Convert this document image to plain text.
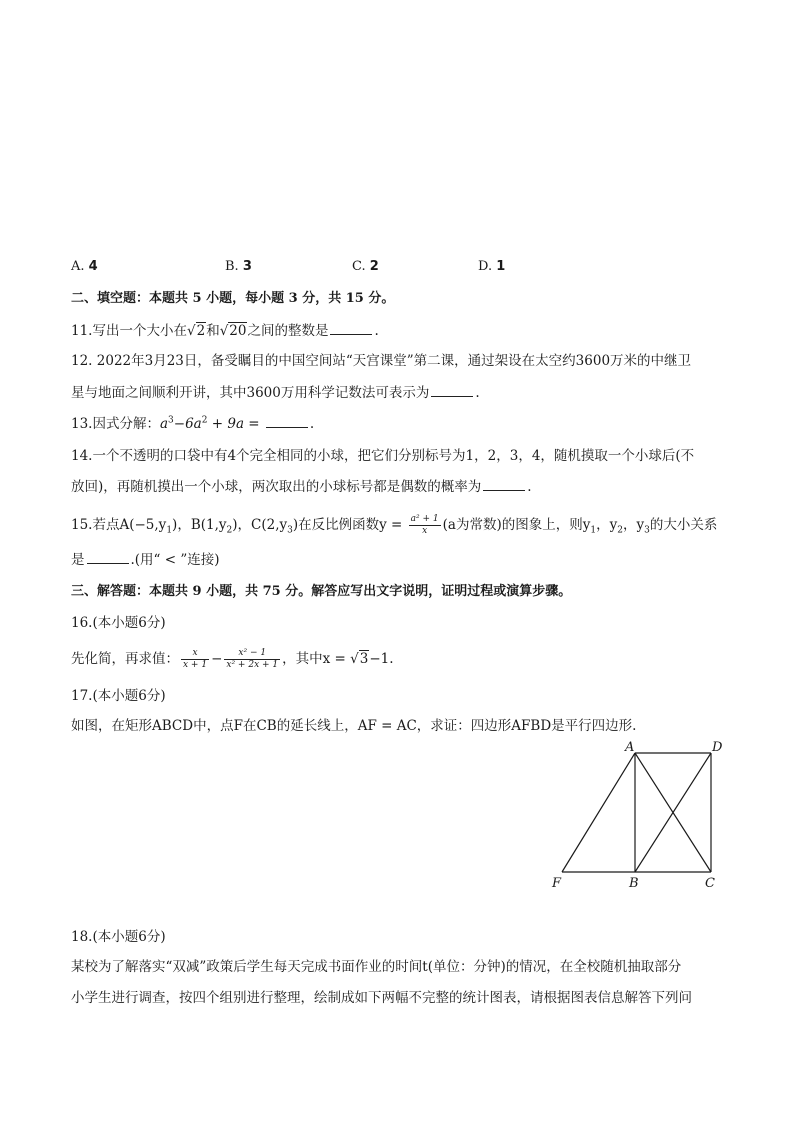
A. 4	B. 3	C. 2	D. 1
二、填空题：本题共 5 小题，每小题 3 分，共 15 分。
11.写出一个大小在√2和√20之间的整数是	.
12. 2022年3月23日，备受瞩目的中国空间站“天宫课堂”第二课，通过架设在太空约3600万米的中继卫
星与地面之间顺利开讲，其中3600万用科学记数法可表示为	.
13.因式分解：$a^3-6a^2 + 9a$ =	.
14.一个不透明的口袋中有4个完全相同的小球，把它们分别标号为1，2，3，4，随机摸取一个小球后(不
放回)，再随机摸出一个小球，两次取出的小球标号都是偶数的概率为	.
15.若点$A(-5,y_1)$，$B(1,y_2)$，$C(2,y_3)$在反比例函数$y = \frac{\text{a² + 1}}{x} (a$为常数)的图象上，则$y_1$，$y_2$，$y_3$的大小关系
是	.(用“ < ”连接)
三、解答题：本题共 9 小题，共 75 分。解答应写出文字说明，证明过程或演算步骤。
16.(本小题6分)
先化简，再求值： $\frac{x}{x + 1} - \frac{\text{x² − 1}}{\text{x² + 2x + 1}}$ ，其中x = √3−1.
17.(本小题6分)
如图，在矩形ABCD中，点F在CB的延长线上，AF = AC，求证：四边形AFBD是平行四边形.
A	D
F	B	C
18.(本小题6分)
某校为了解落实“双减”政策后学生每天完成书面作业的时间t(单位：分钟)的情况，在全校随机抽取部分
小学生进行调查，按四个组别进行整理，绘制成如下两幅不完整的统计图表，请根据图表信息解答下列问
